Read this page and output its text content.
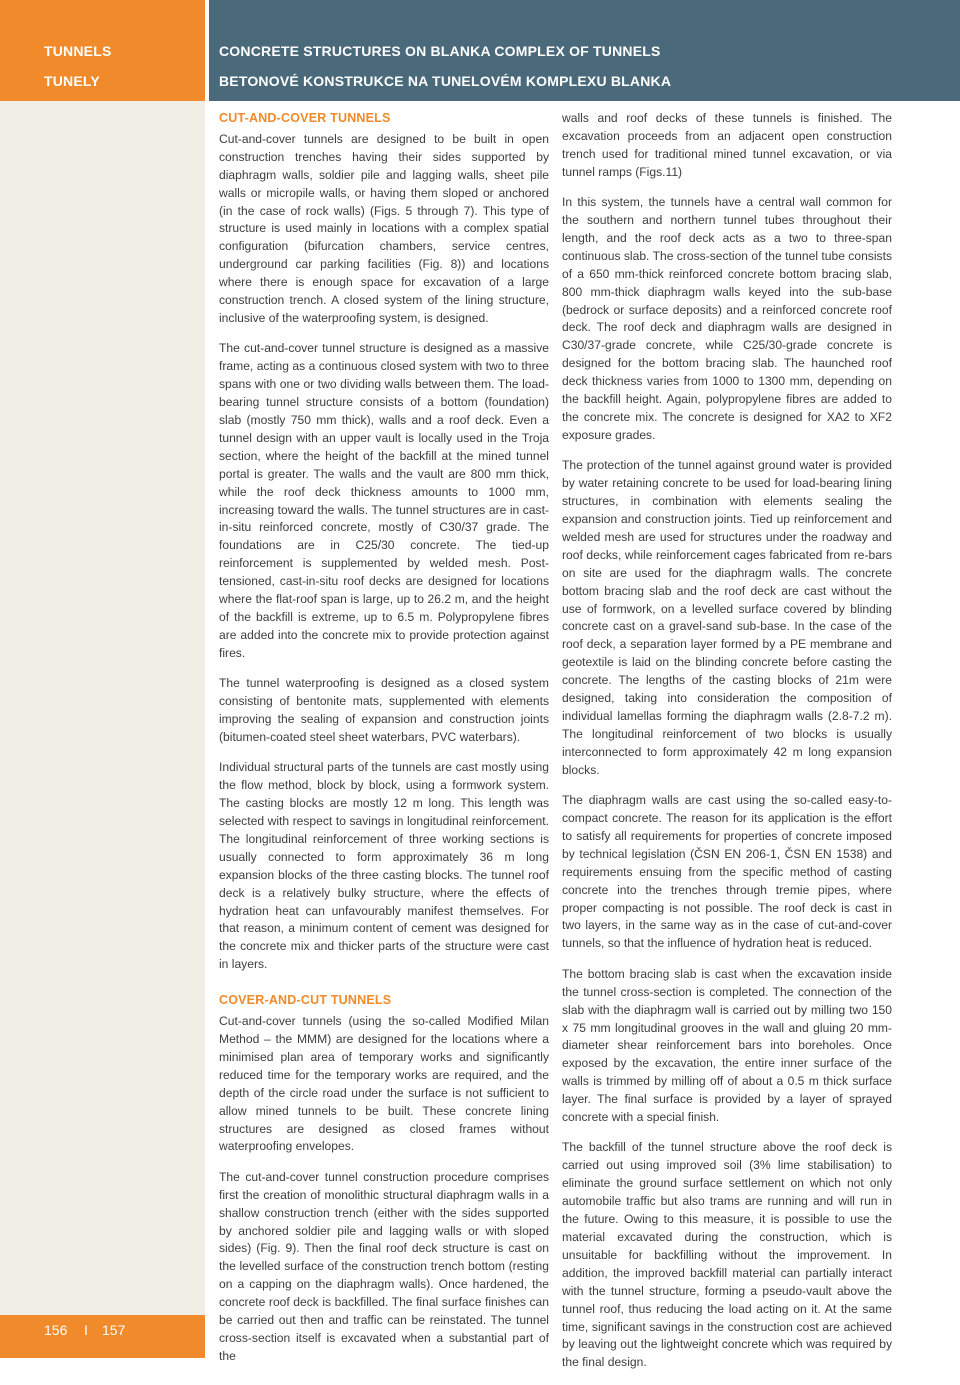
TUNNELS
TUNELY
CONCRETE STRUCTURES ON BLANKA COMPLEX OF TUNNELS
BETONOVÉ KONSTRUKCE NA TUNELOVÉM KOMPLEXU BLANKA
CUT-AND-COVER TUNNELS

Cut-and-cover tunnels are designed to be built in open construction trenches having their sides supported by diaphragm walls, soldier pile and lagging walls, sheet pile walls or micropile walls, or having them sloped or anchored (in the case of rock walls) (Figs. 5 through 7). This type of structure is used mainly in locations with a complex spatial configuration (bifurcation chambers, service centres, underground car parking facilities (Fig. 8)) and locations where there is enough space for excavation of a large construction trench. A closed system of the lining structure, inclusive of the waterproofing system, is designed.

The cut-and-cover tunnel structure is designed as a massive frame, acting as a continuous closed system with two to three spans with one or two dividing walls between them. The load-bearing tunnel structure consists of a bottom (foundation) slab (mostly 750 mm thick), walls and a roof deck. Even a tunnel design with an upper vault is locally used in the Troja section, where the height of the backfill at the mined tunnel portal is greater. The walls and the vault are 800 mm thick, while the roof deck thickness amounts to 1000 mm, increasing toward the walls. The tunnel structures are in cast-in-situ reinforced concrete, mostly of C30/37 grade. The foundations are in C25/30 concrete. The tied-up reinforcement is supplemented by welded mesh. Post-tensioned, cast-in-situ roof decks are designed for locations where the flat-roof span is large, up to 26.2 m, and the height of the backfill is extreme, up to 6.5 m. Polypropylene fibres are added into the concrete mix to provide protection against fires.

The tunnel waterproofing is designed as a closed system consisting of bentonite mats, supplemented with elements improving the sealing of expansion and construction joints (bitumen-coated steel sheet waterbars, PVC waterbars).

Individual structural parts of the tunnels are cast mostly using the flow method, block by block, using a formwork system. The casting blocks are mostly 12 m long. This length was selected with respect to savings in longitudinal reinforcement. The longitudinal reinforcement of three working sections is usually connected to form approximately 36 m long expansion blocks of the three casting blocks. The tunnel roof deck is a relatively bulky structure, where the effects of hydration heat can unfavourably manifest themselves. For that reason, a minimum content of cement was designed for the concrete mix and thicker parts of the structure were cast in layers.

COVER-AND-CUT TUNNELS

Cut-and-cover tunnels (using the so-called Modified Milan Method – the MMM) are designed for the locations where a minimised plan area of temporary works and significantly reduced time for the temporary works are required, and the depth of the circle road under the surface is not sufficient to allow mined tunnels to be built. These concrete lining structures are designed as closed frames without waterproofing envelopes.

The cut-and-cover tunnel construction procedure comprises first the creation of monolithic structural diaphragm walls in a shallow construction trench (either with the sides supported by anchored soldier pile and lagging walls or with sloped sides) (Fig. 9). Then the final roof deck structure is cast on the levelled surface of the construction trench bottom (resting on a capping on the diaphragm walls). Once hardened, the concrete roof deck is backfilled. The final surface finishes can be carried out then and traffic can be reinstated. The tunnel cross-section itself is excavated when a substantial part of the

walls and roof decks of these tunnels is finished. The excavation proceeds from an adjacent open construction trench used for traditional mined tunnel excavation, or via tunnel ramps (Figs.11)

In this system, the tunnels have a central wall common for the southern and northern tunnel tubes throughout their length, and the roof deck acts as a two to three-span continuous slab. The cross-section of the tunnel tube consists of a 650 mm-thick reinforced concrete bottom bracing slab, 800 mm-thick diaphragm walls keyed into the sub-base (bedrock or surface deposits) and a reinforced concrete roof deck. The roof deck and diaphragm walls are designed in C30/37-grade concrete, while C25/30-grade concrete is designed for the bottom bracing slab. The haunched roof deck thickness varies from 1000 to 1300 mm, depending on the backfill height. Again, polypropylene fibres are added to the concrete mix. The concrete is designed for XA2 to XF2 exposure grades.

The protection of the tunnel against ground water is provided by water retaining concrete to be used for load-bearing lining structures, in combination with elements sealing the expansion and construction joints. Tied up reinforcement and welded mesh are used for structures under the roadway and roof decks, while reinforcement cages fabricated from re-bars on site are used for the diaphragm walls. The concrete bottom bracing slab and the roof deck are cast without the use of formwork, on a levelled surface covered by blinding concrete cast on a gravel-sand sub-base. In the case of the roof deck, a separation layer formed by a PE membrane and geotextile is laid on the blinding concrete before casting the concrete. The lengths of the casting blocks of 21m were designed, taking into consideration the composition of individual lamellas forming the diaphragm walls (2.8-7.2 m). The longitudinal reinforcement of two blocks is usually interconnected to form approximately 42 m long expansion blocks.

The diaphragm walls are cast using the so-called easy-to-compact concrete. The reason for its application is the effort to satisfy all requirements for properties of concrete imposed by technical legislation (ČSN EN 206-1, ČSN EN 1538) and requirements ensuing from the specific method of casting concrete into the trenches through tremie pipes, where proper compacting is not possible. The roof deck is cast in two layers, in the same way as in the case of cut-and-cover tunnels, so that the influence of hydration heat is reduced.

The bottom bracing slab is cast when the excavation inside the tunnel cross-section is completed. The connection of the slab with the diaphragm wall is carried out by milling two 150 x 75 mm longitudinal grooves in the wall and gluing 20 mm-diameter shear reinforcement bars into boreholes. Once exposed by the excavation, the entire inner surface of the walls is trimmed by milling off of about a 0.5 m thick surface layer. The final surface is provided by a layer of sprayed concrete with a special finish.

The backfill of the tunnel structure above the roof deck is carried out using improved soil (3% lime stabilisation) to eliminate the ground surface settlement on which not only automobile traffic but also trams are running and will run in the future. Owing to this measure, it is possible to use the material excavated during the construction, which is unsuitable for backfilling without the improvement. In addition, the improved backfill material can partially interact with the tunnel structure, forming a pseudo-vault above the tunnel roof, thus reducing the load acting on it. At the same time, significant savings in the construction cost are achieved by leaving out the lightweight concrete which was required by the final design.

156 I 157
